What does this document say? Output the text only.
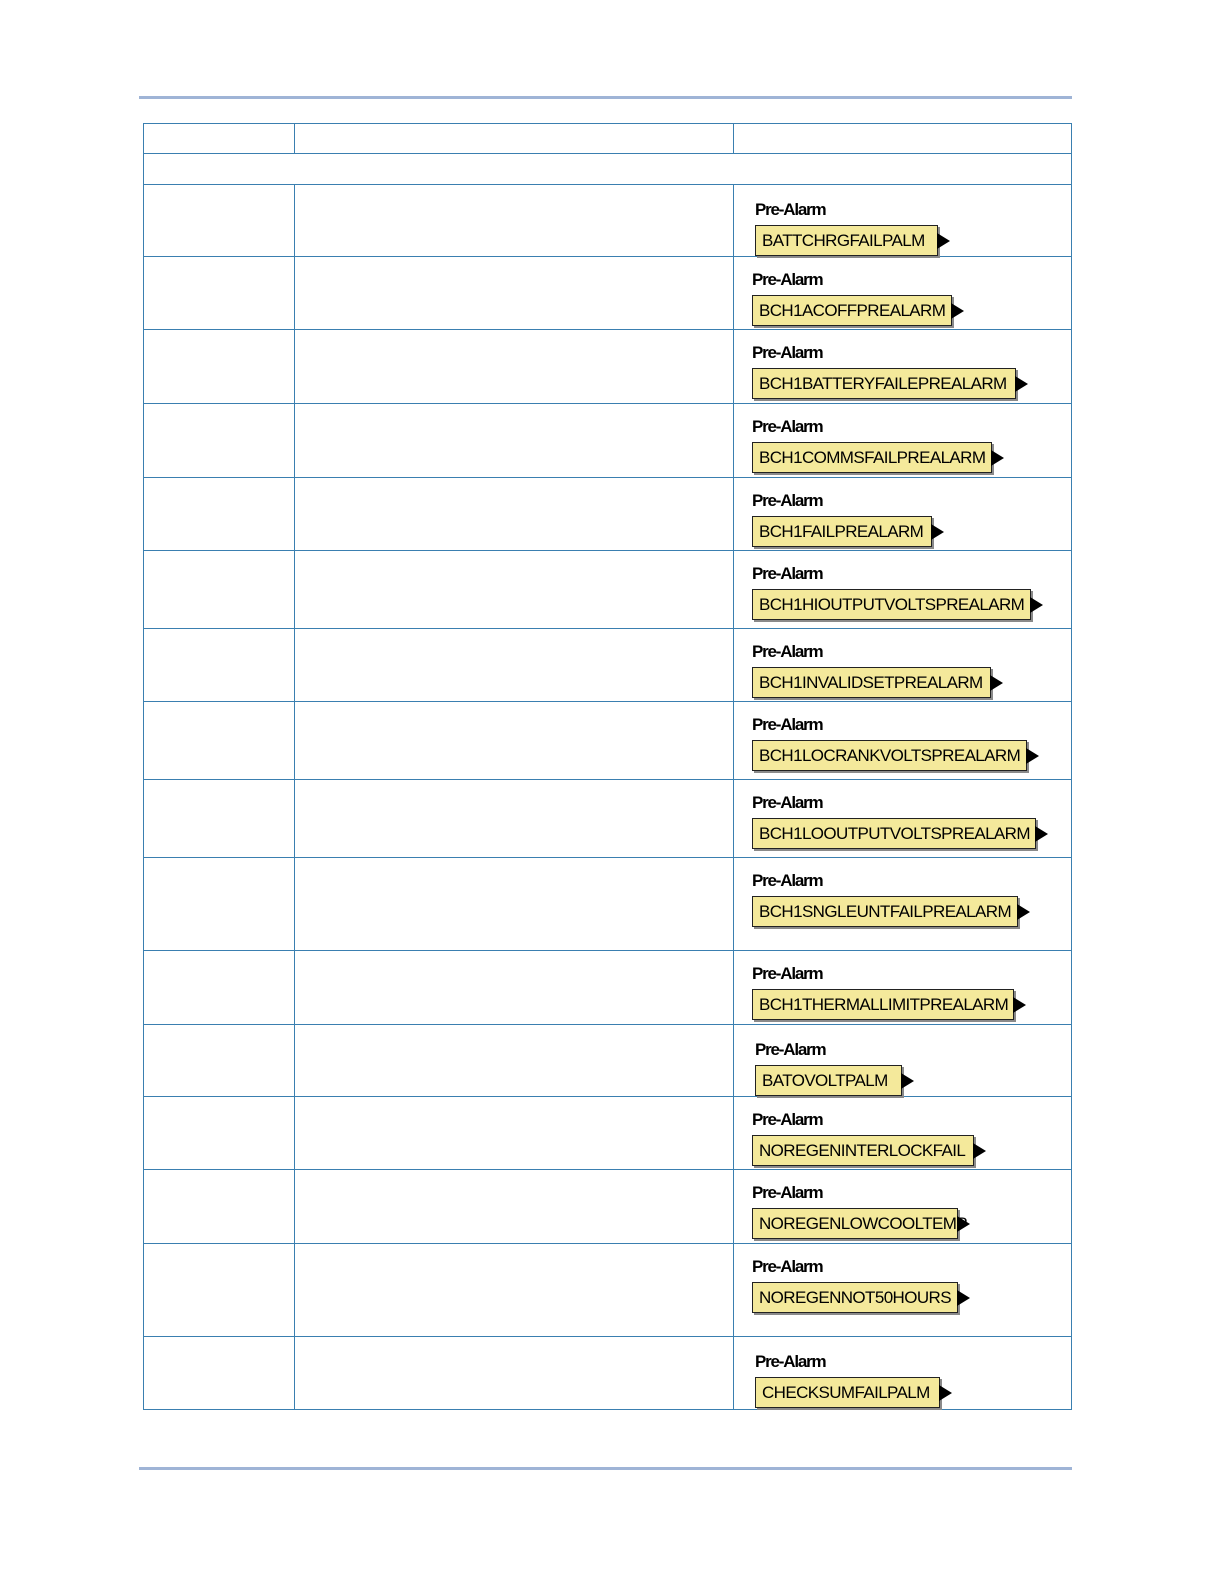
		Pre-Alarm
BATTCHRGFAILPALM

		Pre-Alarm
BCH1ACOFFPREALARM

		Pre-Alarm
BCH1BATTERYFAILEPREALARM

		Pre-Alarm
BCH1COMMSFAILPREALARM

		Pre-Alarm
BCH1FAILPREALARM

		Pre-Alarm
BCH1HIOUTPUTVOLTSPREALARM

		Pre-Alarm
BCH1INVALIDSETPREALARM

		Pre-Alarm
BCH1LOCRANKVOLTSPREALARM

		Pre-Alarm
BCH1LOOUTPUTVOLTSPREALARM

		Pre-Alarm
BCH1SNGLEUNTFAILPREALARM

		Pre-Alarm
BCH1THERMALLIMITPREALARM

		Pre-Alarm
BATOVOLTPALM

		Pre-Alarm
NOREGENINTERLOCKFAIL

		Pre-Alarm
NOREGENLOWCOOLTEMP

		Pre-Alarm
NOREGENNOT50HOURS

		Pre-Alarm
CHECKSUMFAILPALM
